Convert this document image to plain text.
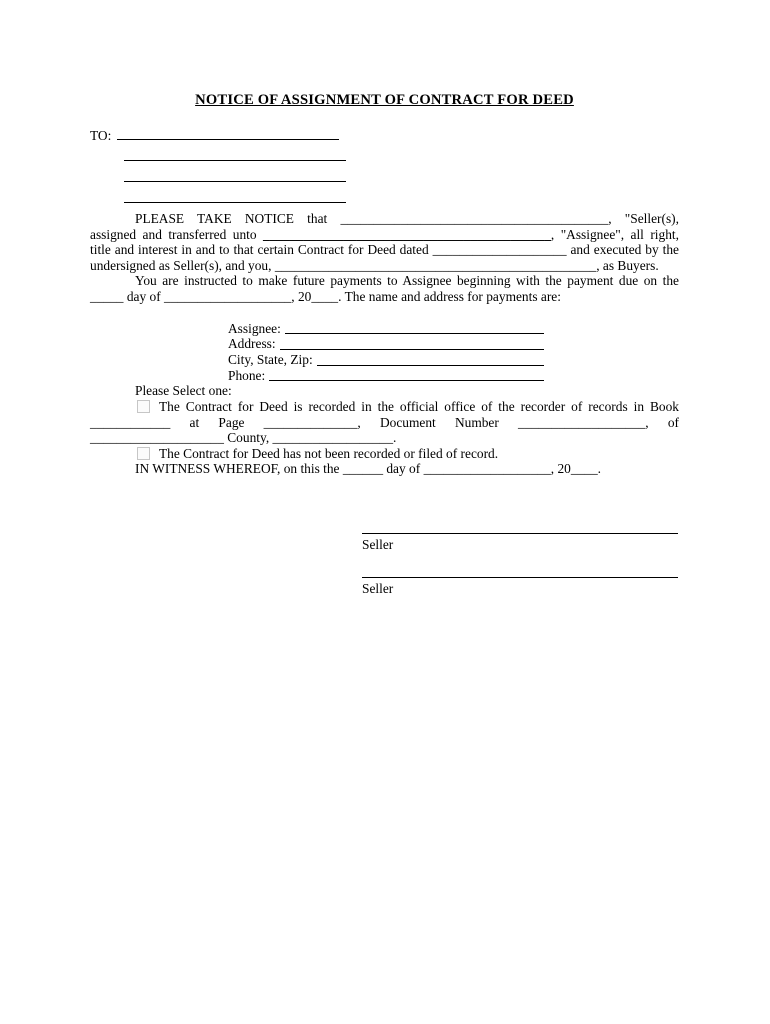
NOTICE OF ASSIGNMENT OF CONTRACT FOR DEED
TO:

PLEASE TAKE NOTICE that ________________________________________, "Seller(s), assigned and transferred unto ___________________________________________, "Assignee", all right, title and interest in and to that certain Contract for Deed dated ____________________ and executed by the undersigned as Seller(s), and you, ________________________________________________, as Buyers.

You are instructed to make future payments to Assignee beginning with the payment due on the _____ day of ___________________, 20____. The name and address for payments are:

Assignee:
Address:
City, State, Zip:
Phone:

Please Select one:

The Contract for Deed is recorded in the official office of the recorder of records in Book ____________ at Page ______________, Document Number ___________________, of ____________________ County, __________________.

The Contract for Deed has not been recorded or filed of record.

IN WITNESS WHEREOF, on this the ______ day of ___________________, 20____.

Seller
Seller
